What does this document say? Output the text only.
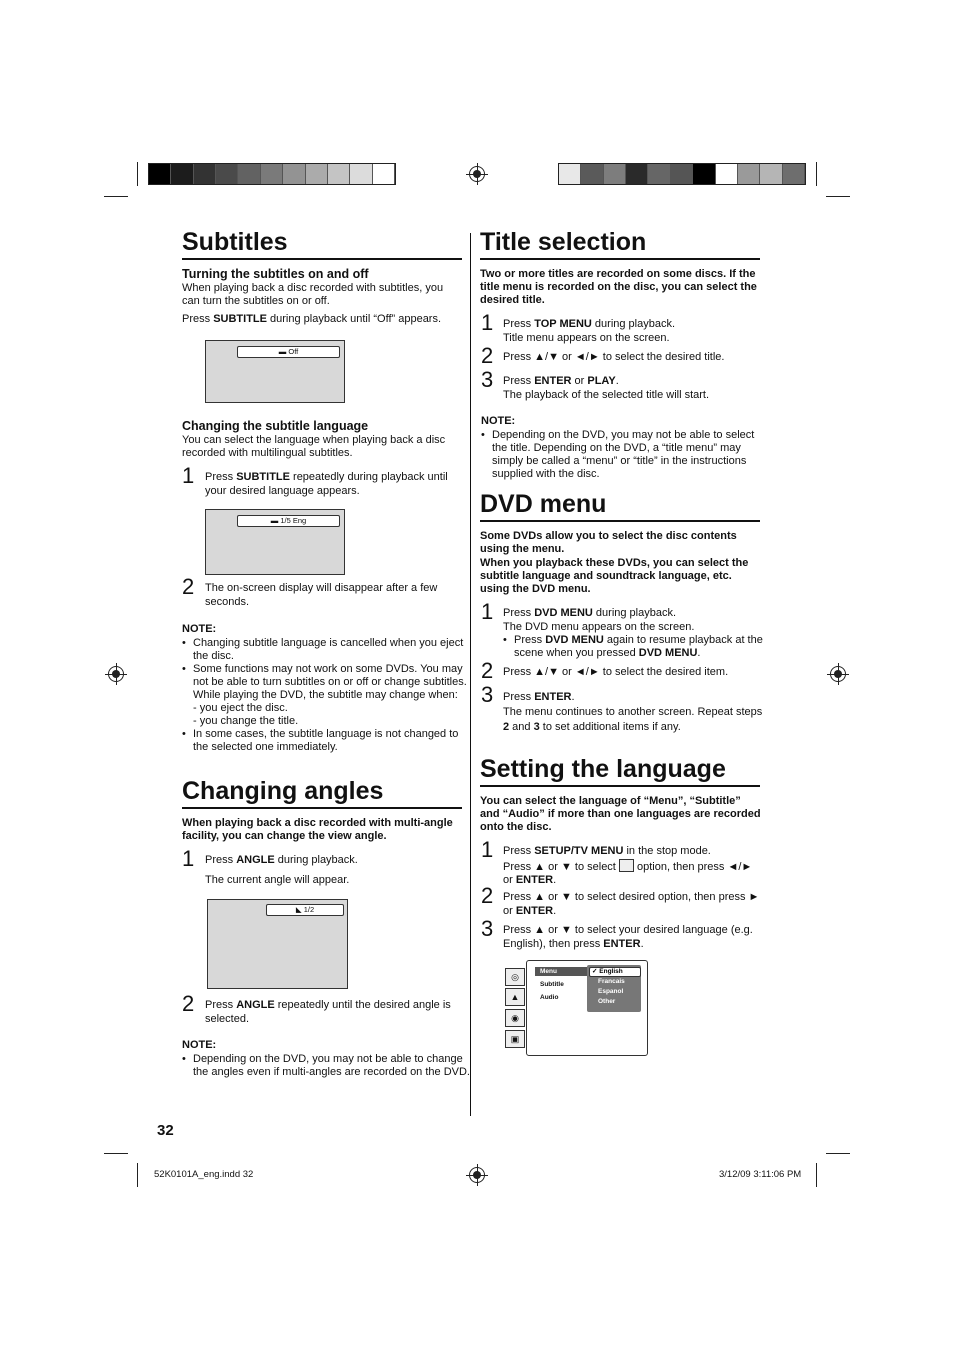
Subtitles
Turning the subtitles on and off
When playing back a disc recorded with subtitles, you can turn the subtitles on or off.
Press SUBTITLE during playback until “Off” appears.
▬ Off
Changing the subtitle language
You can select the language when playing back a disc recorded with multilingual subtitles.
1 Press SUBTITLE repeatedly during playback until your desired language appears.
▬ 1/5 Eng
2 The on-screen display will disappear after a few seconds.
NOTE:
• Changing subtitle language is cancelled when you eject the disc.
• Some functions may not work on some DVDs. You may not be able to turn subtitles on or off or change subtitles. While playing the DVD, the subtitle may change when:
- you eject the disc.
- you change the title.
• In some cases, the subtitle language is not changed to the selected one immediately.
Changing angles
When playing back a disc recorded with multi-angle facility, you can change the view angle.
1 Press ANGLE during playback.
The current angle will appear.
◣ 1/2
2 Press ANGLE repeatedly until the desired angle is selected.
NOTE:
• Depending on the DVD, you may not be able to change the angles even if multi-angles are recorded on the DVD.
32
Title selection
Two or more titles are recorded on some discs. If the title menu is recorded on the disc, you can select the desired title.
1 Press TOP MENU during playback.
Title menu appears on the screen.
2 Press ▲/▼ or ◄/► to select the desired title.
3 Press ENTER or PLAY.
The playback of the selected title will start.
NOTE:
• Depending on the DVD, you may not be able to select the title. Depending on the DVD, a “title menu” may simply be called a “menu” or “title” in the instructions supplied with the disc.
DVD menu
Some DVDs allow you to select the disc contents using the menu.
When you playback these DVDs, you can select the subtitle language and soundtrack language, etc. using the DVD menu.
1 Press DVD MENU during playback.
The DVD menu appears on the screen.
• Press DVD MENU again to resume playback at the scene when you pressed DVD MENU.
2 Press ▲/▼ or ◄/► to select the desired item.
3 Press ENTER.
The menu continues to another screen. Repeat steps 2 and 3 to set additional items if any.
Setting the language
You can select the language of “Menu”, “Subtitle” and “Audio” if more than one languages are recorded onto the disc.
1 Press SETUP/TV MENU in the stop mode.
Press ▲ or ▼ to select  option, then press ◄/► or ENTER.
2 Press ▲ or ▼ to select desired option, then press ► or ENTER.
3 Press ▲ or ▼ to select your desired language (e.g. English), then press ENTER.
◎
▲
◉
▣
Menu
Subtitle
Audio
✓ English
Francais
Espanol
Other
52K0101A_eng.indd 32	3/12/09 3:11:06 PM
